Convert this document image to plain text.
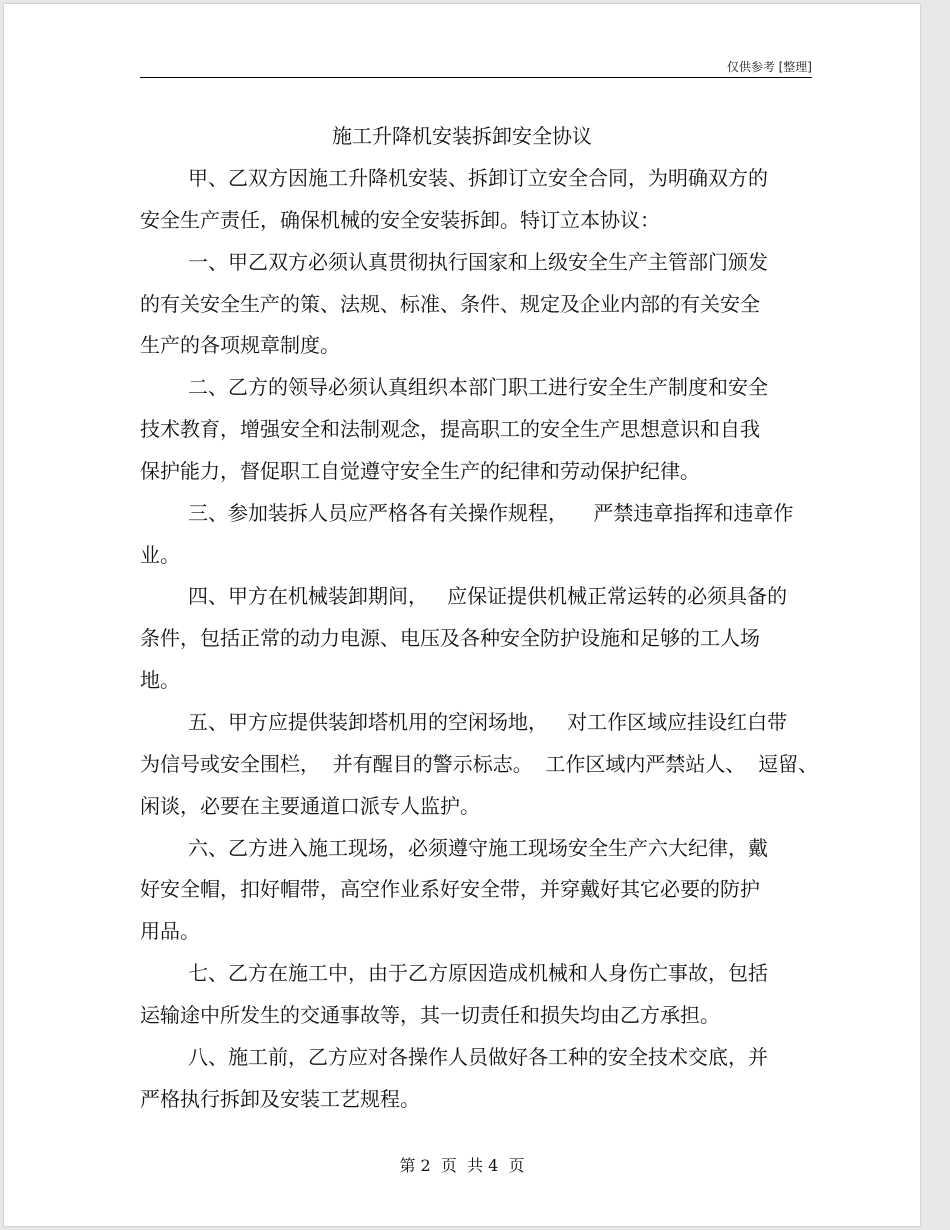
仅供参考 [整理]
施工升降机安装拆卸安全协议
甲、乙双方因施工升降机安装、拆卸订立安全合同，为明确双方的
安全生产责任，确保机械的安全安装拆卸。特订立本协议：
一、甲乙双方必须认真贯彻执行国家和上级安全生产主管部门颁发
的有关安全生产的策、法规、标准、条件、规定及企业内部的有关安全
生产的各项规章制度。
二、乙方的领导必须认真组织本部门职工进行安全生产制度和安全
技术教育，增强安全和法制观念，提高职工的安全生产思想意识和自我
保护能力，督促职工自觉遵守安全生产的纪律和劳动保护纪律。
三、参加装拆人员应严格各有关操作规程，    严禁违章指挥和违章作
业。
四、甲方在机械装卸期间，   应保证提供机械正常运转的必须具备的
条件，包括正常的动力电源、电压及各种安全防护设施和足够的工人场
地。
五、甲方应提供装卸塔机用的空闲场地，   对工作区域应挂设红白带
为信号或安全围栏，  并有醒目的警示标志。  工作区域内严禁站人、  逗留、
闲谈，必要在主要通道口派专人监护。
六、乙方进入施工现场，必须遵守施工现场安全生产六大纪律，戴
好安全帽，扣好帽带，高空作业系好安全带，并穿戴好其它必要的防护
用品。
七、乙方在施工中，由于乙方原因造成机械和人身伤亡事故，包括
运输途中所发生的交通事故等，其一切责任和损失均由乙方承担。
八、施工前，乙方应对各操作人员做好各工种的安全技术交底，并
严格执行拆卸及安装工艺规程。
第 2  页  共 4  页
